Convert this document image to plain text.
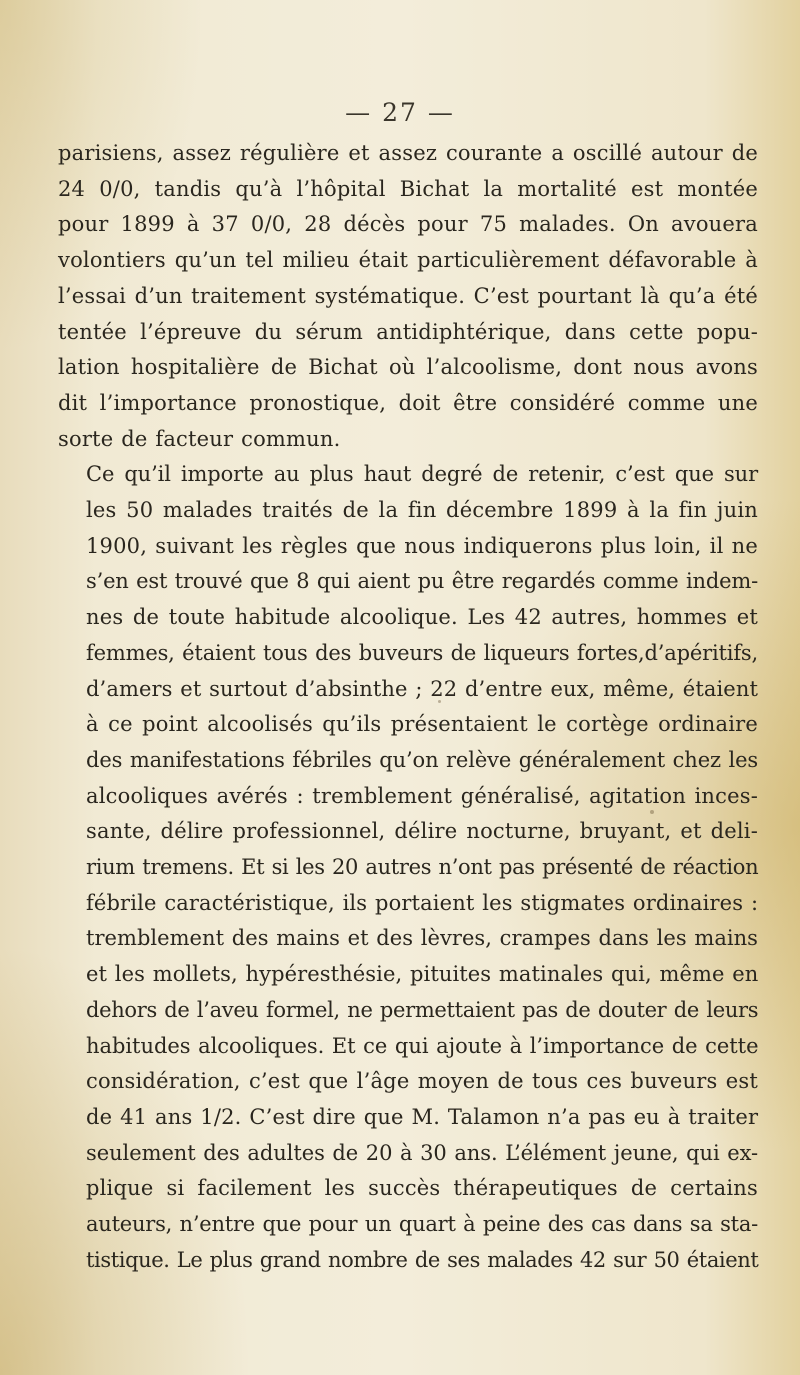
— 27 —
parisiens, assez régulière et assez courante a oscillé autour de
24 0/0, tandis qu’à l’hôpital Bichat la mortalité est montée
pour 1899 à 37 0/0, 28 décès pour 75 malades. On avouera
volontiers qu’un tel milieu était particulièrement défavorable à
l’essai d’un traitement systématique. C’est pourtant là qu’a été
tentée l’épreuve du sérum antidiphtérique, dans cette popu-
lation hospitalière de Bichat où l’alcoolisme, dont nous avons
dit l’importance pronostique, doit être considéré comme une
sorte de facteur commun.
Ce qu’il importe au plus haut degré de retenir, c’est que sur
les 50 malades traités de la fin décembre 1899 à la fin juin
1900, suivant les règles que nous indiquerons plus loin, il ne
s’en est trouvé que 8 qui aient pu être regardés comme indem-
nes de toute habitude alcoolique. Les 42 autres, hommes et
femmes, étaient tous des buveurs de liqueurs fortes,d’apéritifs,
d’amers et surtout d’absinthe ; 22 d’entre eux, même, étaient
à ce point alcoolisés qu’ils présentaient le cortège ordinaire
des manifestations fébriles qu’on relève généralement chez les
alcooliques avérés : tremblement généralisé, agitation inces-
sante, délire professionnel, délire nocturne, bruyant, et deli-
rium tremens. Et si les 20 autres n’ont pas présenté de réaction
fébrile caractéristique, ils portaient les stigmates ordinaires :
tremblement des mains et des lèvres, crampes dans les mains
et les mollets, hypéresthésie, pituites matinales qui, même en
dehors de l’aveu formel, ne permettaient pas de douter de leurs
habitudes alcooliques. Et ce qui ajoute à l’importance de cette
considération, c’est que l’âge moyen de tous ces buveurs est
de 41 ans 1/2. C’est dire que M. Talamon n’a pas eu à traiter
seulement des adultes de 20 à 30 ans. L’élément jeune, qui ex-
plique si facilement les succès thérapeutiques de certains
auteurs, n’entre que pour un quart à peine des cas dans sa sta-
tistique. Le plus grand nombre de ses malades 42 sur 50 étaient
